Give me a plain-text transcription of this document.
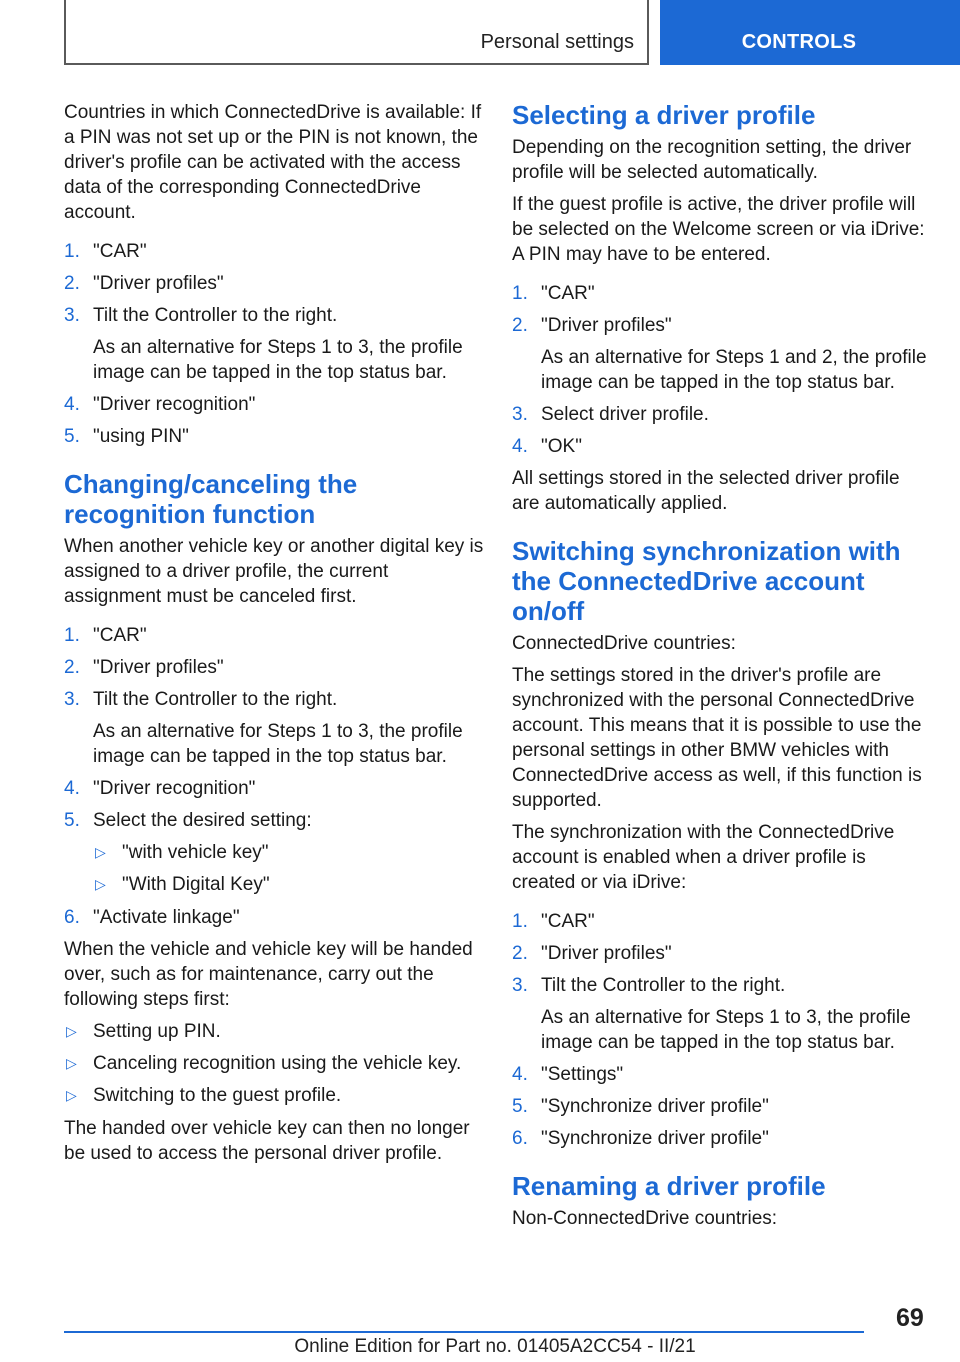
Personal settings	CONTROLS

Countries in which ConnectedDrive is available: If a PIN was not set up or the PIN is not known, the driver's profile can be activated with the access data of the corresponding ConnectedDrive account.

1. "CAR"
2. "Driver profiles"
3. Tilt the Controller to the right.
As an alternative for Steps 1 to 3, the profile image can be tapped in the top status bar.
4. "Driver recognition"
5. "using PIN"
Changing/canceling the recognition function

When another vehicle key or another digital key is assigned to a driver profile, the current assignment must be canceled first.

1. "CAR"
2. "Driver profiles"
3. Tilt the Controller to the right.
As an alternative for Steps 1 to 3, the profile image can be tapped in the top status bar.
4. "Driver recognition"
5. Select the desired setting:
▷ "with vehicle key"
▷ "With Digital Key"
6. "Activate linkage"

When the vehicle and vehicle key will be handed over, such as for maintenance, carry out the following steps first:

▷ Setting up PIN.
▷ Canceling recognition using the vehicle key.
▷ Switching to the guest profile.

The handed over vehicle key can then no longer be used to access the personal driver profile.

Selecting a driver profile

Depending on the recognition setting, the driver profile will be selected automatically.

If the guest profile is active, the driver profile will be selected on the Welcome screen or via iDrive: A PIN may have to be entered.

1. "CAR"
2. "Driver profiles"
As an alternative for Steps 1 and 2, the profile image can be tapped in the top status bar.
3. Select driver profile.
4. "OK"

All settings stored in the selected driver profile are automatically applied.

Switching synchronization with the ConnectedDrive account on/off

ConnectedDrive countries:

The settings stored in the driver's profile are synchronized with the personal ConnectedDrive account. This means that it is possible to use the personal settings in other BMW vehicles with ConnectedDrive access as well, if this function is supported.

The synchronization with the ConnectedDrive account is enabled when a driver profile is created or via iDrive:

1. "CAR"
2. "Driver profiles"
3. Tilt the Controller to the right.
As an alternative for Steps 1 to 3, the profile image can be tapped in the top status bar.
4. "Settings"
5. "Synchronize driver profile"
6. "Synchronize driver profile"
Renaming a driver profile

Non-ConnectedDrive countries:

69
Online Edition for Part no. 01405A2CC54 - II/21
